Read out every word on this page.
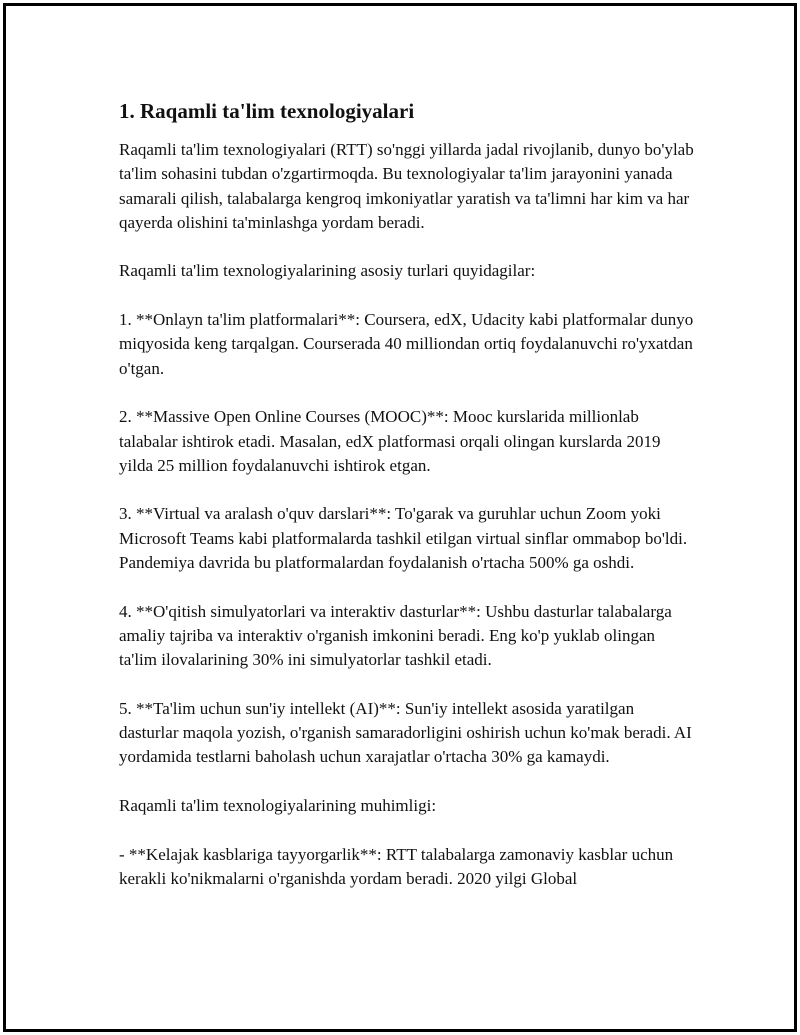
1. Raqamli ta'lim texnologiyalari

Raqamli ta'lim texnologiyalari (RTT) so'nggi yillarda jadal rivojlanib, dunyo bo'ylab ta'lim sohasini tubdan o'zgartirmoqda. Bu texnologiyalar ta'lim jarayonini yanada samarali qilish, talabalarga kengroq imkoniyatlar yaratish va ta'limni har kim va har qayerda olishini ta'minlashga yordam beradi.

Raqamli ta'lim texnologiyalarining asosiy turlari quyidagilar:

1. **Onlayn ta'lim platformalari**: Coursera, edX, Udacity kabi platformalar dunyo miqyosida keng tarqalgan. Courserada 40 milliondan ortiq foydalanuvchi ro'yxatdan o'tgan.

2. **Massive Open Online Courses (MOOC)**: Mooc kurslarida millionlab talabalar ishtirok etadi. Masalan, edX platformasi orqali olingan kurslarda 2019 yilda 25 million foydalanuvchi ishtirok etgan.

3. **Virtual va aralash o'quv darslari**: To'garak va guruhlar uchun Zoom yoki Microsoft Teams kabi platformalarda tashkil etilgan virtual sinflar ommabop bo'ldi. Pandemiya davrida bu platformalardan foydalanish o'rtacha 500% ga oshdi.

4. **O'qitish simulyatorlari va interaktiv dasturlar**: Ushbu dasturlar talabalarga amaliy tajriba va interaktiv o'rganish imkonini beradi. Eng ko'p yuklab olingan ta'lim ilovalarining 30% ini simulyatorlar tashkil etadi.

5. **Ta'lim uchun sun'iy intellekt (AI)**: Sun'iy intellekt asosida yaratilgan dasturlar maqola yozish, o'rganish samaradorligini oshirish uchun ko'mak beradi. AI yordamida testlarni baholash uchun xarajatlar o'rtacha 30% ga kamaydi.

Raqamli ta'lim texnologiyalarining muhimligi:

- **Kelajak kasblariga tayyorgarlik**: RTT talabalarga zamonaviy kasblar uchun kerakli ko'nikmalarni o'rganishda yordam beradi. 2020 yilgi Global
